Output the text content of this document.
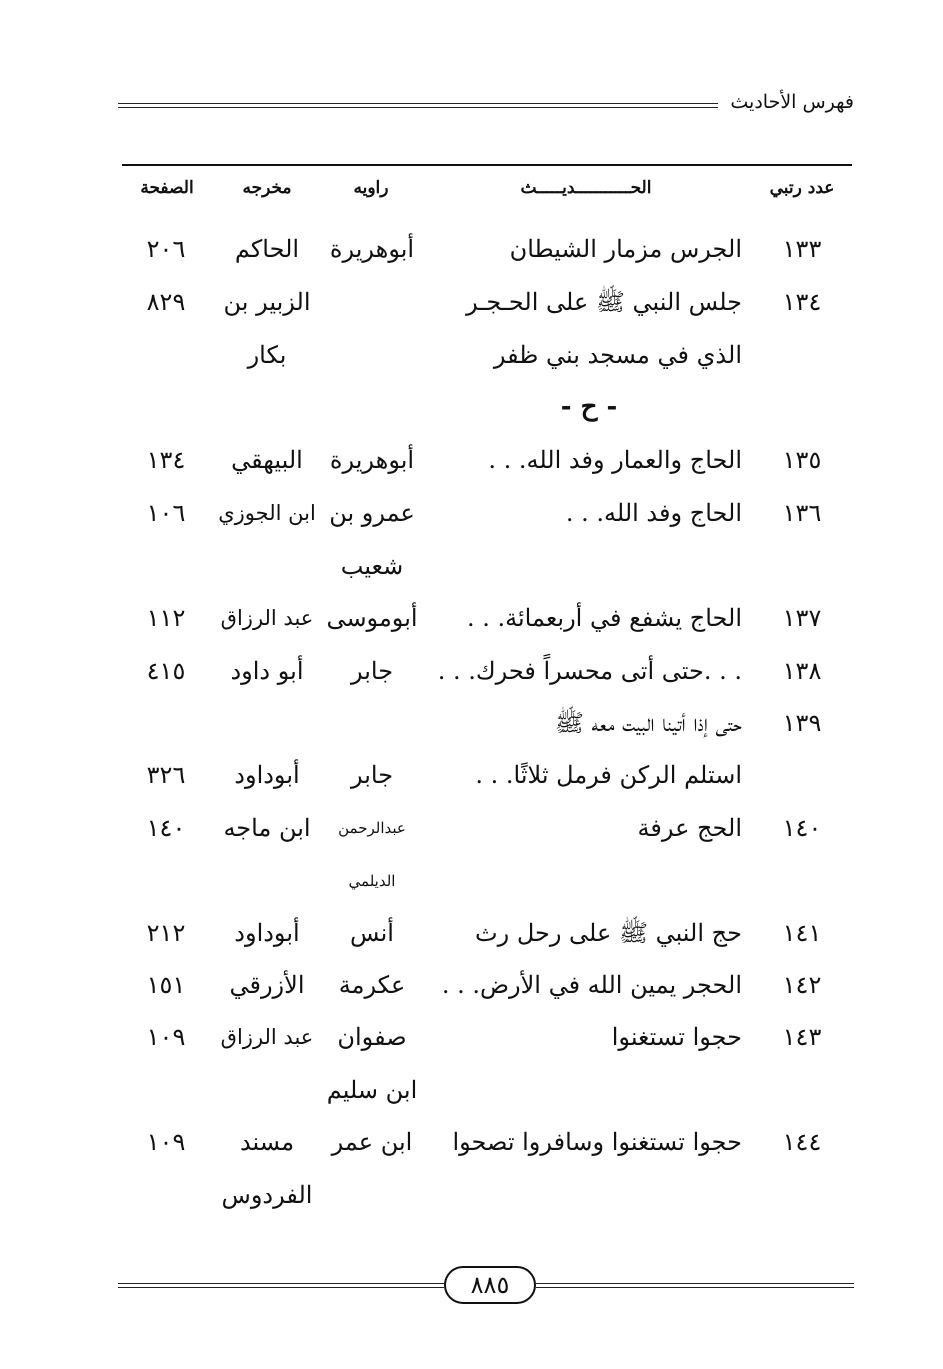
فهرس الأحاديث
عدد رتبي
الحـــــــــــديـــــث
راويه
مخرجه
الصفحة
١٣٣
الجرس مزمار الشيطان
أبوهريرة
الحاكم
٢٠٦
١٣٤
جلس النبي ﷺ على الحـجـر
الذي في مسجد بني ظفر
الزبير بن
بكار
٨٢٩
- ح -
١٣٥
الحاج والعمار وفد الله. . .
أبوهريرة
البيهقي
١٣٤
١٣٦
الحاج وفد الله. . .
عمرو بن
شعيب
ابن الجوزي
١٠٦
١٣٧
الحاج يشفع في أربعمائة. . .
أبوموسى
عبد الرزاق
١١٢
١٣٨
. . .حتى أتى محسراً فحرك. . .
جابر
أبو داود
٤١٥
١٣٩
حتى إذا أتينا البيت معه ﷺ
استلم الركن فرمل ثلاثًا. . .
جابر
أبوداود
٣٢٦
١٤٠
الحج عرفة
عبدالرحمن
الديلمي
ابن ماجه
١٤٠
١٤١
حج النبي ﷺ على رحل رث
أنس
أبوداود
٢١٢
١٤٢
الحجر يمين الله في الأرض. . .
عكرمة
الأزرقي
١٥١
١٤٣
حجوا تستغنوا
صفوان
ابن سليم
عبد الرزاق
١٠٩
١٤٤
حجوا تستغنوا وسافروا تصحوا
ابن عمر
مسند
الفردوس
١٠٩
٨٨٥
